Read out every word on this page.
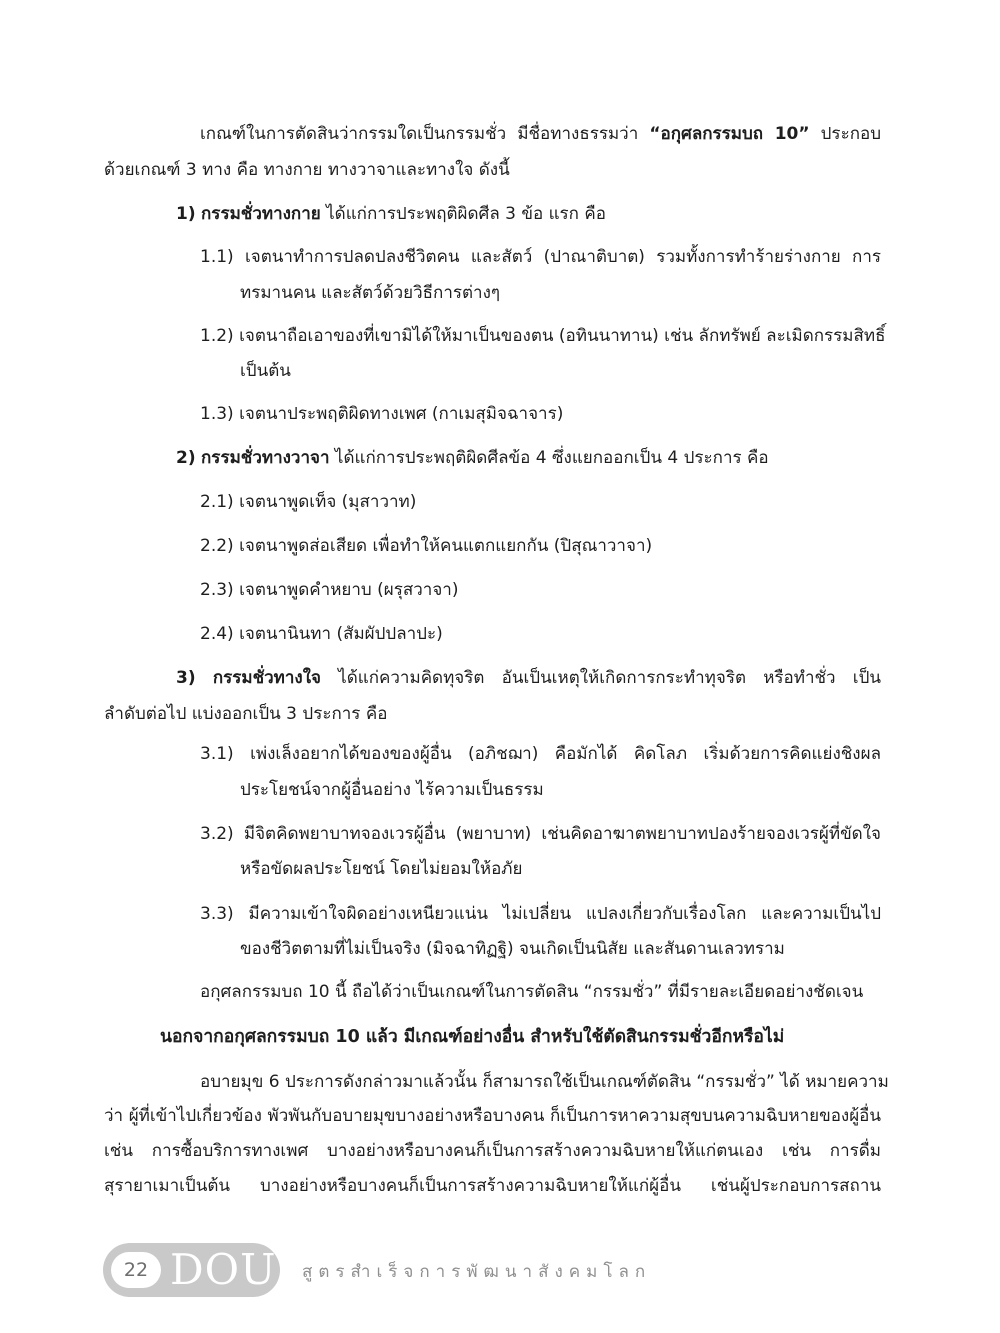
เกณฑ์ในการตัดสินว่ากรรมใดเป็นกรรมชั่ว มีชื่อทางธรรมว่า “อกุศลกรรมบถ 10” ประกอบ

ด้วยเกณฑ์ 3 ทาง คือ ทางกาย ทางวาจาและทางใจ ดังนี้

1) กรรมชั่วทางกาย ได้แก่การประพฤติผิดศีล 3 ข้อ แรก คือ

1.1) เจตนาทำการปลดปลงชีวิตคน และสัตว์ (ปาณาติบาต) รวมทั้งการทำร้ายร่างกาย การ

ทรมานคน และสัตว์ด้วยวิธีการต่างๆ

1.2) เจตนาถือเอาของที่เขามิได้ให้มาเป็นของตน (อทินนาทาน) เช่น ลักทรัพย์ ละเมิดกรรมสิทธิ์

เป็นต้น

1.3) เจตนาประพฤติผิดทางเพศ (กาเมสุมิจฉาจาร)

2) กรรมชั่วทางวาจา ได้แก่การประพฤติผิดศีลข้อ 4 ซึ่งแยกออกเป็น 4 ประการ คือ

2.1) เจตนาพูดเท็จ (มุสาวาท)

2.2) เจตนาพูดส่อเสียด เพื่อทำให้คนแตกแยกกัน (ปิสุณาวาจา)

2.3) เจตนาพูดคำหยาบ (ผรุสวาจา)

2.4) เจตนานินทา (สัมผัปปลาปะ)

3) กรรมชั่วทางใจ ได้แก่ความคิดทุจริต อันเป็นเหตุให้เกิดการกระทำทุจริต หรือทำชั่ว เป็น

ลำดับต่อไป แบ่งออกเป็น 3 ประการ คือ

3.1) เพ่งเล็งอยากได้ของของผู้อื่น (อภิชฌา) คือมักได้ คิดโลภ เริ่มด้วยการคิดแย่งชิงผล

ประโยชน์จากผู้อื่นอย่าง ไร้ความเป็นธรรม

3.2) มีจิตคิดพยาบาทจองเวรผู้อื่น (พยาบาท) เช่นคิดอาฆาตพยาบาทปองร้ายจองเวรผู้ที่ขัดใจ

หรือขัดผลประโยชน์ โดยไม่ยอมให้อภัย

3.3) มีความเข้าใจผิดอย่างเหนียวแน่น ไม่เปลี่ยน แปลงเกี่ยวกับเรื่องโลก และความเป็นไป

ของชีวิตตามที่ไม่เป็นจริง (มิจฉาทิฏฐิ) จนเกิดเป็นนิสัย และสันดานเลวทราม

อกุศลกรรมบถ 10 นี้ ถือได้ว่าเป็นเกณฑ์ในการตัดสิน “กรรมชั่ว” ที่มีรายละเอียดอย่างชัดเจน

นอกจากอกุศลกรรมบถ 10 แล้ว มีเกณฑ์อย่างอื่น สำหรับใช้ตัดสินกรรมชั่วอีกหรือไม่

อบายมุข 6 ประการดังกล่าวมาแล้วนั้น ก็สามารถใช้เป็นเกณฑ์ตัดสิน “กรรมชั่ว” ได้ หมายความ

ว่า ผู้ที่เข้าไปเกี่ยวข้อง พัวพันกับอบายมุขบางอย่างหรือบางคน ก็เป็นการหาความสุขบนความฉิบหายของผู้อื่น

เช่น การซื้อบริการทางเพศ บางอย่างหรือบางคนก็เป็นการสร้างความฉิบหายให้แก่ตนเอง เช่น การดื่ม

สุรายาเมาเป็นต้น บางอย่างหรือบางคนก็เป็นการสร้างความฉิบหายให้แก่ผู้อื่น เช่นผู้ประกอบการสถาน

22 DOU สูตรสำเร็จการพัฒนาสังคมโลก
